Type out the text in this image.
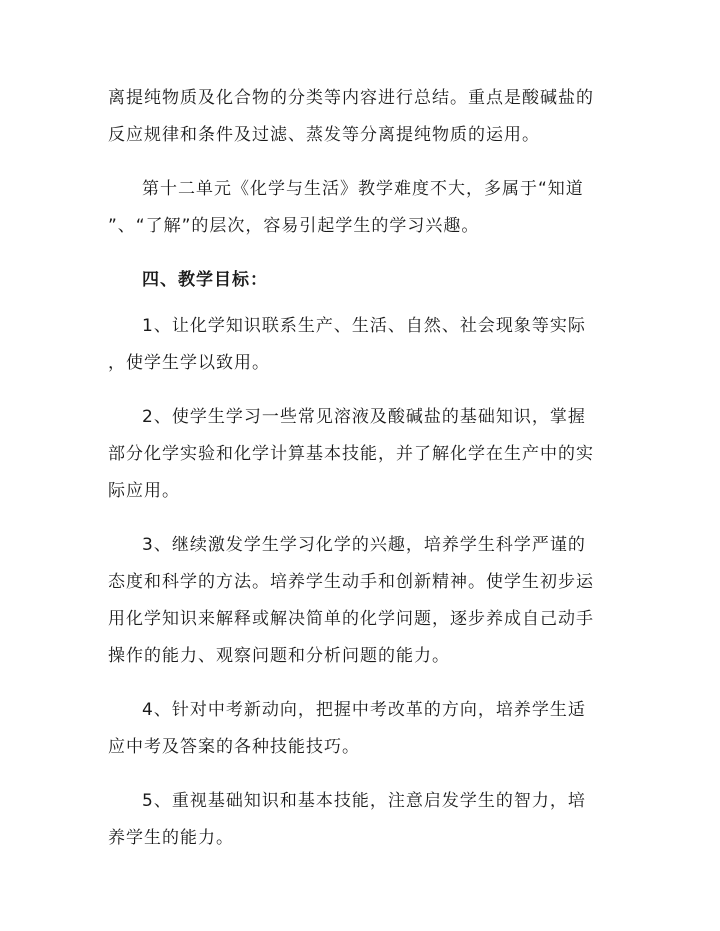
离提纯物质及化合物的分类等内容进行总结。重点是酸碱盐的
反应规律和条件及过滤、蒸发等分离提纯物质的运用。

第十二单元《化学与生活》教学难度不大，多属于“知道
”、“了解”的层次，容易引起学生的学习兴趣。

四、教学目标：

1、让化学知识联系生产、生活、自然、社会现象等实际
，使学生学以致用。

2、使学生学习一些常见溶液及酸碱盐的基础知识，掌握
部分化学实验和化学计算基本技能，并了解化学在生产中的实
际应用。

3、继续激发学生学习化学的兴趣，培养学生科学严谨的
态度和科学的方法。培养学生动手和创新精神。使学生初步运
用化学知识来解释或解决简单的化学问题，逐步养成自己动手
操作的能力、观察问题和分析问题的能力。

4、针对中考新动向，把握中考改革的方向，培养学生适
应中考及答案的各种技能技巧。

5、重视基础知识和基本技能，注意启发学生的智力，培
养学生的能力。
